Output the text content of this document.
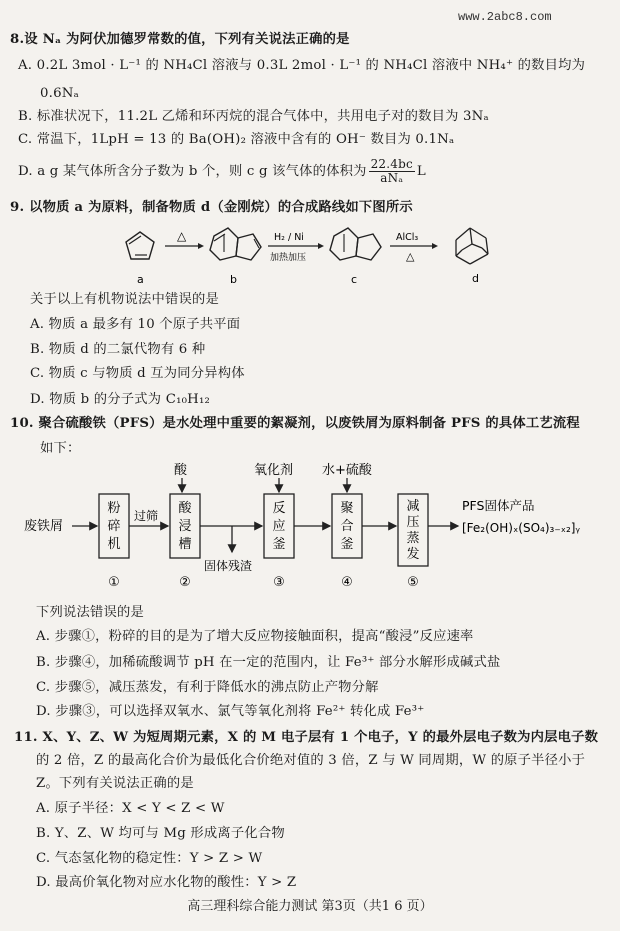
www.2abc8.com
8.设 Nₐ 为阿伏加德罗常数的值，下列有关说法正确的是
A. 0.2L 3mol · L⁻¹ 的 NH₄Cl 溶液与 0.3L 2mol · L⁻¹ 的 NH₄Cl 溶液中 NH₄⁺ 的数目均为
0.6Nₐ
B. 标准状况下，11.2L 乙烯和环丙烷的混合气体中，共用电子对的数目为 3Nₐ
C. 常温下，1LpH = 13 的 Ba(OH)₂ 溶液中含有的 OH⁻ 数目为 0.1Nₐ
D. a g 某气体所含分子数为 b 个，则 c g 该气体的体积为 $\frac{22.4bc}{\text{aNₐ}}$ L
9. 以物质 a 为原料，制备物质 d（金刚烷）的合成路线如下图所示
a
△
b
H₂ / Ni
加热加压
c
AlCl₃
△
d
关于以上有机物说法中错误的是
A. 物质 a 最多有 10 个原子共平面
B. 物质 d 的二氯代物有 6 种
C. 物质 c 与物质 d 互为同分异构体
D. 物质 b 的分子式为 C₁₀H₁₂
10. 聚合硫酸铁（PFS）是水处理中重要的絮凝剂，以废铁屑为原料制备 PFS 的具体工艺流程
如下：
废铁屑
粉碎机
过筛
酸
酸浸槽
固体残渣
氧化剂
反应釜
水+硫酸
聚合釜
减压蒸发
PFS固体产品
[Fe₂(OH)ₓ(SO₄)₃₋ₓ₂]ᵧ
①	②	③	④	⑤
下列说法错误的是
A. 步骤①，粉碎的目的是为了增大反应物接触面积，提高“酸浸”反应速率
B. 步骤④，加稀硫酸调节 pH 在一定的范围内，让 Fe³⁺ 部分水解形成碱式盐
C. 步骤⑤，减压蒸发，有利于降低水的沸点防止产物分解
D. 步骤③，可以选择双氧水、氯气等氧化剂将 Fe²⁺ 转化成 Fe³⁺
11. X、Y、Z、W 为短周期元素，X 的 M 电子层有 1 个电子，Y 的最外层电子数为内层电子数
的 2 倍，Z 的最高化合价为最低化合价绝对值的 3 倍，Z 与 W 同周期，W 的原子半径小于
Z。下列有关说法正确的是
A. 原子半径：X < Y < Z < W
B. Y、Z、W 均可与 Mg 形成离子化合物
C. 气态氢化物的稳定性：Y > Z > W
D. 最高价氧化物对应水化物的酸性：Y > Z
高三理科综合能力测试 第3页（共1 6 页）
